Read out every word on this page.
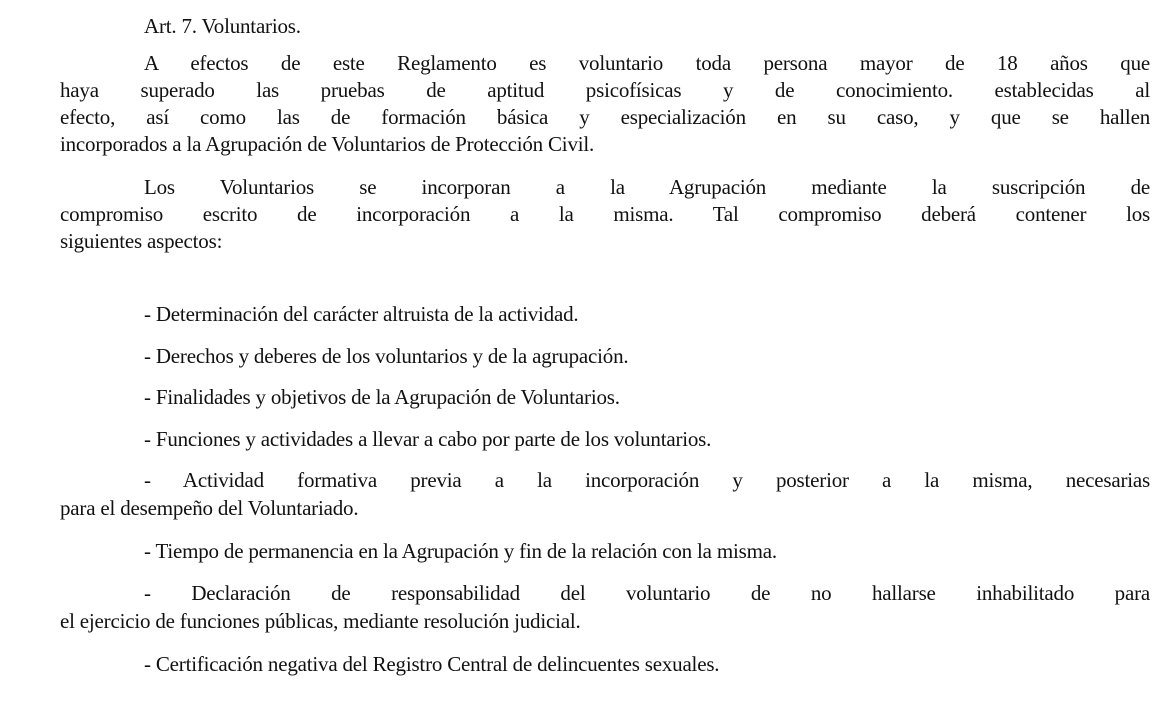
Art. 7. Voluntarios.
A efectos de este Reglamento es voluntario toda persona mayor de 18 años que
haya superado las pruebas de aptitud psicofísicas y de conocimiento. establecidas al
efecto, así como las de formación básica y especialización en su caso, y que se hallen
incorporados a la Agrupación de Voluntarios de Protección Civil.
Los Voluntarios se incorporan a la Agrupación mediante la suscripción de
compromiso escrito de incorporación a la misma. Tal compromiso deberá contener los
siguientes aspectos:
- Determinación del carácter altruista de la actividad.
- Derechos y deberes de los voluntarios y de la agrupación.
- Finalidades y objetivos de la Agrupación de Voluntarios.
- Funciones y actividades a llevar a cabo por parte de los voluntarios.
- Actividad formativa previa a la incorporación y posterior a la misma, necesarias
para el desempeño del Voluntariado.
- Tiempo de permanencia en la Agrupación y fin de la relación con la misma.
- Declaración de responsabilidad del voluntario de no hallarse inhabilitado para
el ejercicio de funciones públicas, mediante resolución judicial.
- Certificación negativa del Registro Central de delincuentes sexuales.
